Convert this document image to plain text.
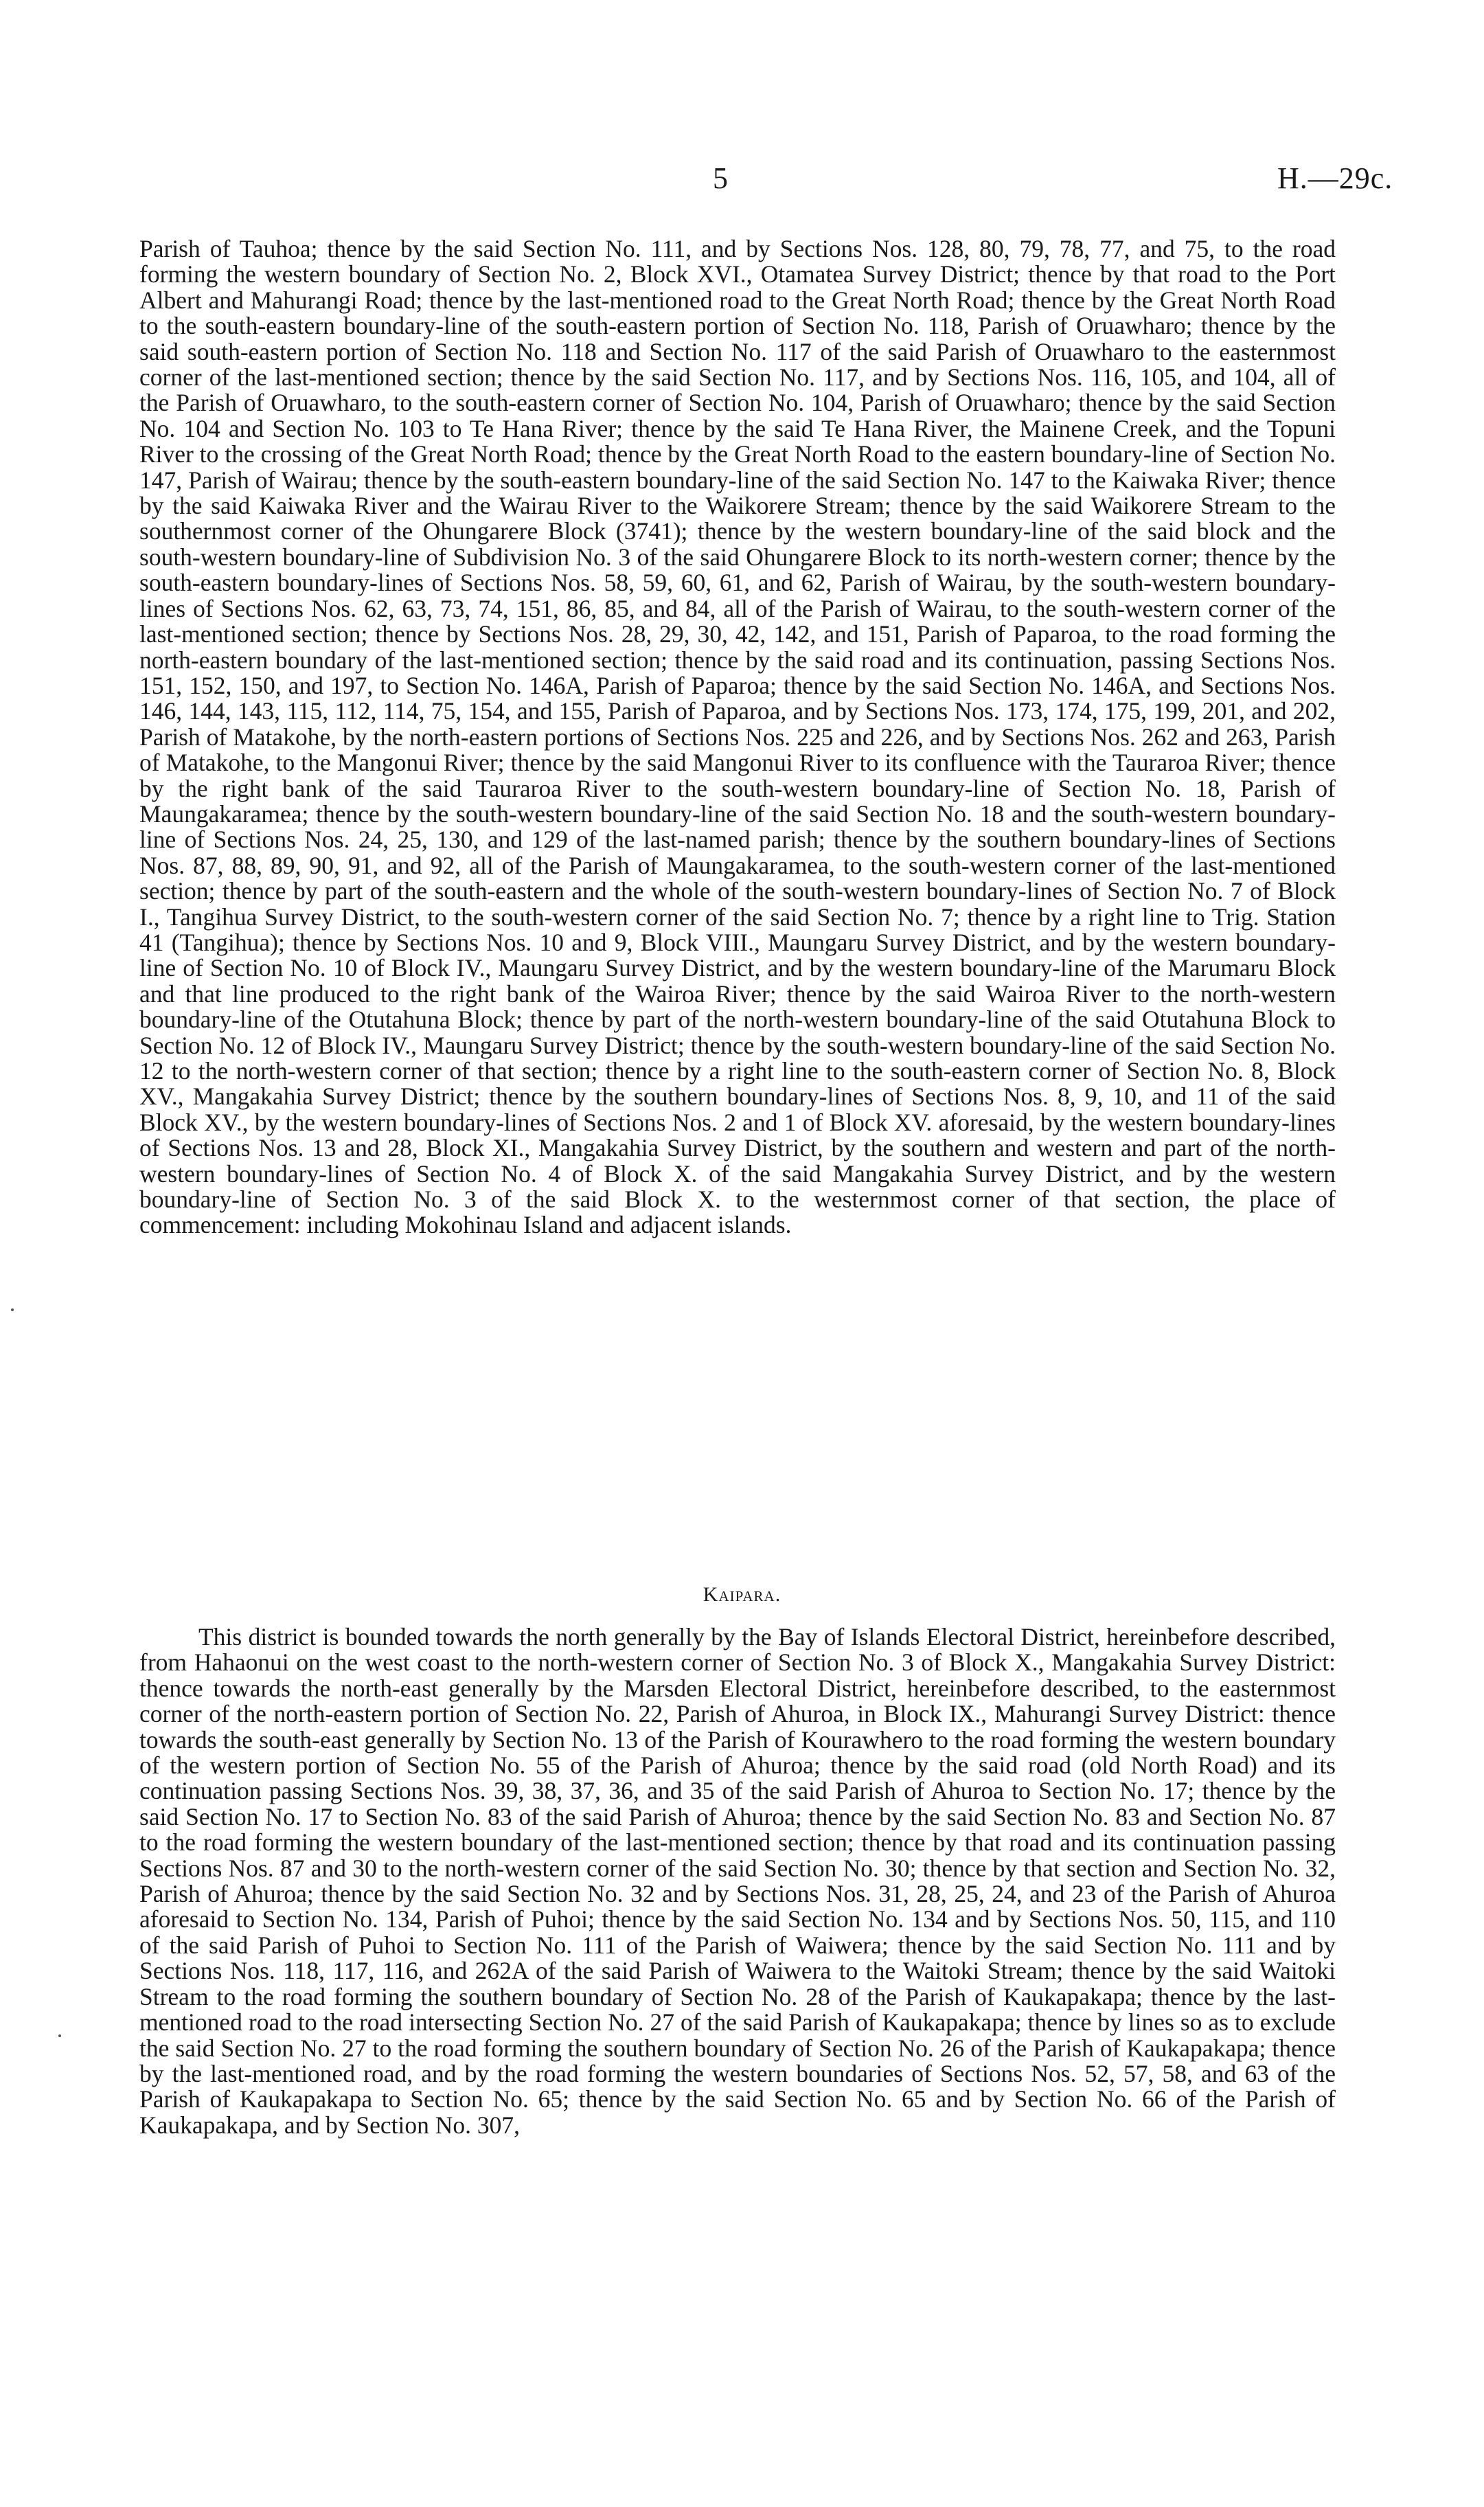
5	H.—29c.
Parish of Tauhoa; thence by the said Section No. 111, and by Sections Nos. 128, 80, 79, 78, 77, and 75, to the road forming the western boundary of Section No. 2, Block XVI., Otamatea Survey District; thence by that road to the Port Albert and Mahurangi Road; thence by the last-mentioned road to the Great North Road; thence by the Great North Road to the south-eastern boundary-line of the south-eastern portion of Section No. 118, Parish of Oruawharo; thence by the said south-eastern portion of Section No. 118 and Section No. 117 of the said Parish of Oruawharo to the easternmost corner of the last-mentioned section; thence by the said Section No. 117, and by Sections Nos. 116, 105, and 104, all of the Parish of Oruawharo, to the south-eastern corner of Section No. 104, Parish of Oruawharo; thence by the said Section No. 104 and Section No. 103 to Te Hana River; thence by the said Te Hana River, the Mainene Creek, and the Topuni River to the crossing of the Great North Road; thence by the Great North Road to the eastern boundary-line of Section No. 147, Parish of Wairau; thence by the south-eastern boundary-line of the said Section No. 147 to the Kaiwaka River; thence by the said Kaiwaka River and the Wairau River to the Waikorere Stream; thence by the said Waikorere Stream to the southernmost corner of the Ohungarere Block (3741); thence by the western boundary-line of the said block and the south-western boundary-line of Subdivision No. 3 of the said Ohungarere Block to its north-western corner; thence by the south-eastern boundary-lines of Sections Nos. 58, 59, 60, 61, and 62, Parish of Wairau, by the south-western boundary-lines of Sections Nos. 62, 63, 73, 74, 151, 86, 85, and 84, all of the Parish of Wairau, to the south-western corner of the last-mentioned section; thence by Sections Nos. 28, 29, 30, 42, 142, and 151, Parish of Paparoa, to the road forming the north-eastern boundary of the last-mentioned section; thence by the said road and its continuation, passing Sections Nos. 151, 152, 150, and 197, to Section No. 146A, Parish of Paparoa; thence by the said Section No. 146A, and Sections Nos. 146, 144, 143, 115, 112, 114, 75, 154, and 155, Parish of Paparoa, and by Sections Nos. 173, 174, 175, 199, 201, and 202, Parish of Matakohe, by the north-eastern portions of Sections Nos. 225 and 226, and by Sections Nos. 262 and 263, Parish of Matakohe, to the Mangonui River; thence by the said Mangonui River to its confluence with the Tauraroa River; thence by the right bank of the said Tauraroa River to the south-western boundary-line of Section No. 18, Parish of Maungakaramea; thence by the south-western boundary-line of the said Section No. 18 and the south-western boundary-line of Sections Nos. 24, 25, 130, and 129 of the last-named parish; thence by the southern boundary-lines of Sections Nos. 87, 88, 89, 90, 91, and 92, all of the Parish of Maungakaramea, to the south-western corner of the last-mentioned section; thence by part of the south-eastern and the whole of the south-western boundary-lines of Section No. 7 of Block I., Tangihua Survey District, to the south-western corner of the said Section No. 7; thence by a right line to Trig. Station 41 (Tangihua); thence by Sections Nos. 10 and 9, Block VIII., Maungaru Survey District, and by the western boundary-line of Section No. 10 of Block IV., Maungaru Survey District, and by the western boundary-line of the Marumaru Block and that line produced to the right bank of the Wairoa River; thence by the said Wairoa River to the north-western boundary-line of the Otutahuna Block; thence by part of the north-western boundary-line of the said Otutahuna Block to Section No. 12 of Block IV., Maungaru Survey District; thence by the south-western boundary-line of the said Section No. 12 to the north-western corner of that section; thence by a right line to the south-eastern corner of Section No. 8, Block XV., Mangakahia Survey District; thence by the southern boundary-lines of Sections Nos. 8, 9, 10, and 11 of the said Block XV., by the western boundary-lines of Sections Nos. 2 and 1 of Block XV. aforesaid, by the western boundary-lines of Sections Nos. 13 and 28, Block XI., Mangakahia Survey District, by the southern and western and part of the north-western boundary-lines of Section No. 4 of Block X. of the said Mangakahia Survey District, and by the western boundary-line of Section No. 3 of the said Block X. to the westernmost corner of that section, the place of commencement: including Mokohinau Island and adjacent islands.
Kaipara.
This district is bounded towards the north generally by the Bay of Islands Electoral District, hereinbefore described, from Hahaonui on the west coast to the north-western corner of Section No. 3 of Block X., Mangakahia Survey District: thence towards the north-east generally by the Marsden Electoral District, hereinbefore described, to the easternmost corner of the north-eastern portion of Section No. 22, Parish of Ahuroa, in Block IX., Mahurangi Survey District: thence towards the south-east generally by Section No. 13 of the Parish of Kourawhero to the road forming the western boundary of the western portion of Section No. 55 of the Parish of Ahuroa; thence by the said road (old North Road) and its continuation passing Sections Nos. 39, 38, 37, 36, and 35 of the said Parish of Ahuroa to Section No. 17; thence by the said Section No. 17 to Section No. 83 of the said Parish of Ahuroa; thence by the said Section No. 83 and Section No. 87 to the road forming the western boundary of the last-mentioned section; thence by that road and its continuation passing Sections Nos. 87 and 30 to the north-western corner of the said Section No. 30; thence by that section and Section No. 32, Parish of Ahuroa; thence by the said Section No. 32 and by Sections Nos. 31, 28, 25, 24, and 23 of the Parish of Ahuroa aforesaid to Section No. 134, Parish of Puhoi; thence by the said Section No. 134 and by Sections Nos. 50, 115, and 110 of the said Parish of Puhoi to Section No. 111 of the Parish of Waiwera; thence by the said Section No. 111 and by Sections Nos. 118, 117, 116, and 262A of the said Parish of Waiwera to the Waitoki Stream; thence by the said Waitoki Stream to the road forming the southern boundary of Section No. 28 of the Parish of Kaukapakapa; thence by the last-mentioned road to the road intersecting Section No. 27 of the said Parish of Kaukapakapa; thence by lines so as to exclude the said Section No. 27 to the road forming the southern boundary of Section No. 26 of the Parish of Kaukapakapa; thence by the last-mentioned road, and by the road forming the western boundaries of Sections Nos. 52, 57, 58, and 63 of the Parish of Kaukapakapa to Section No. 65; thence by the said Section No. 65 and by Section No. 66 of the Parish of Kaukapakapa, and by Section No. 307,
